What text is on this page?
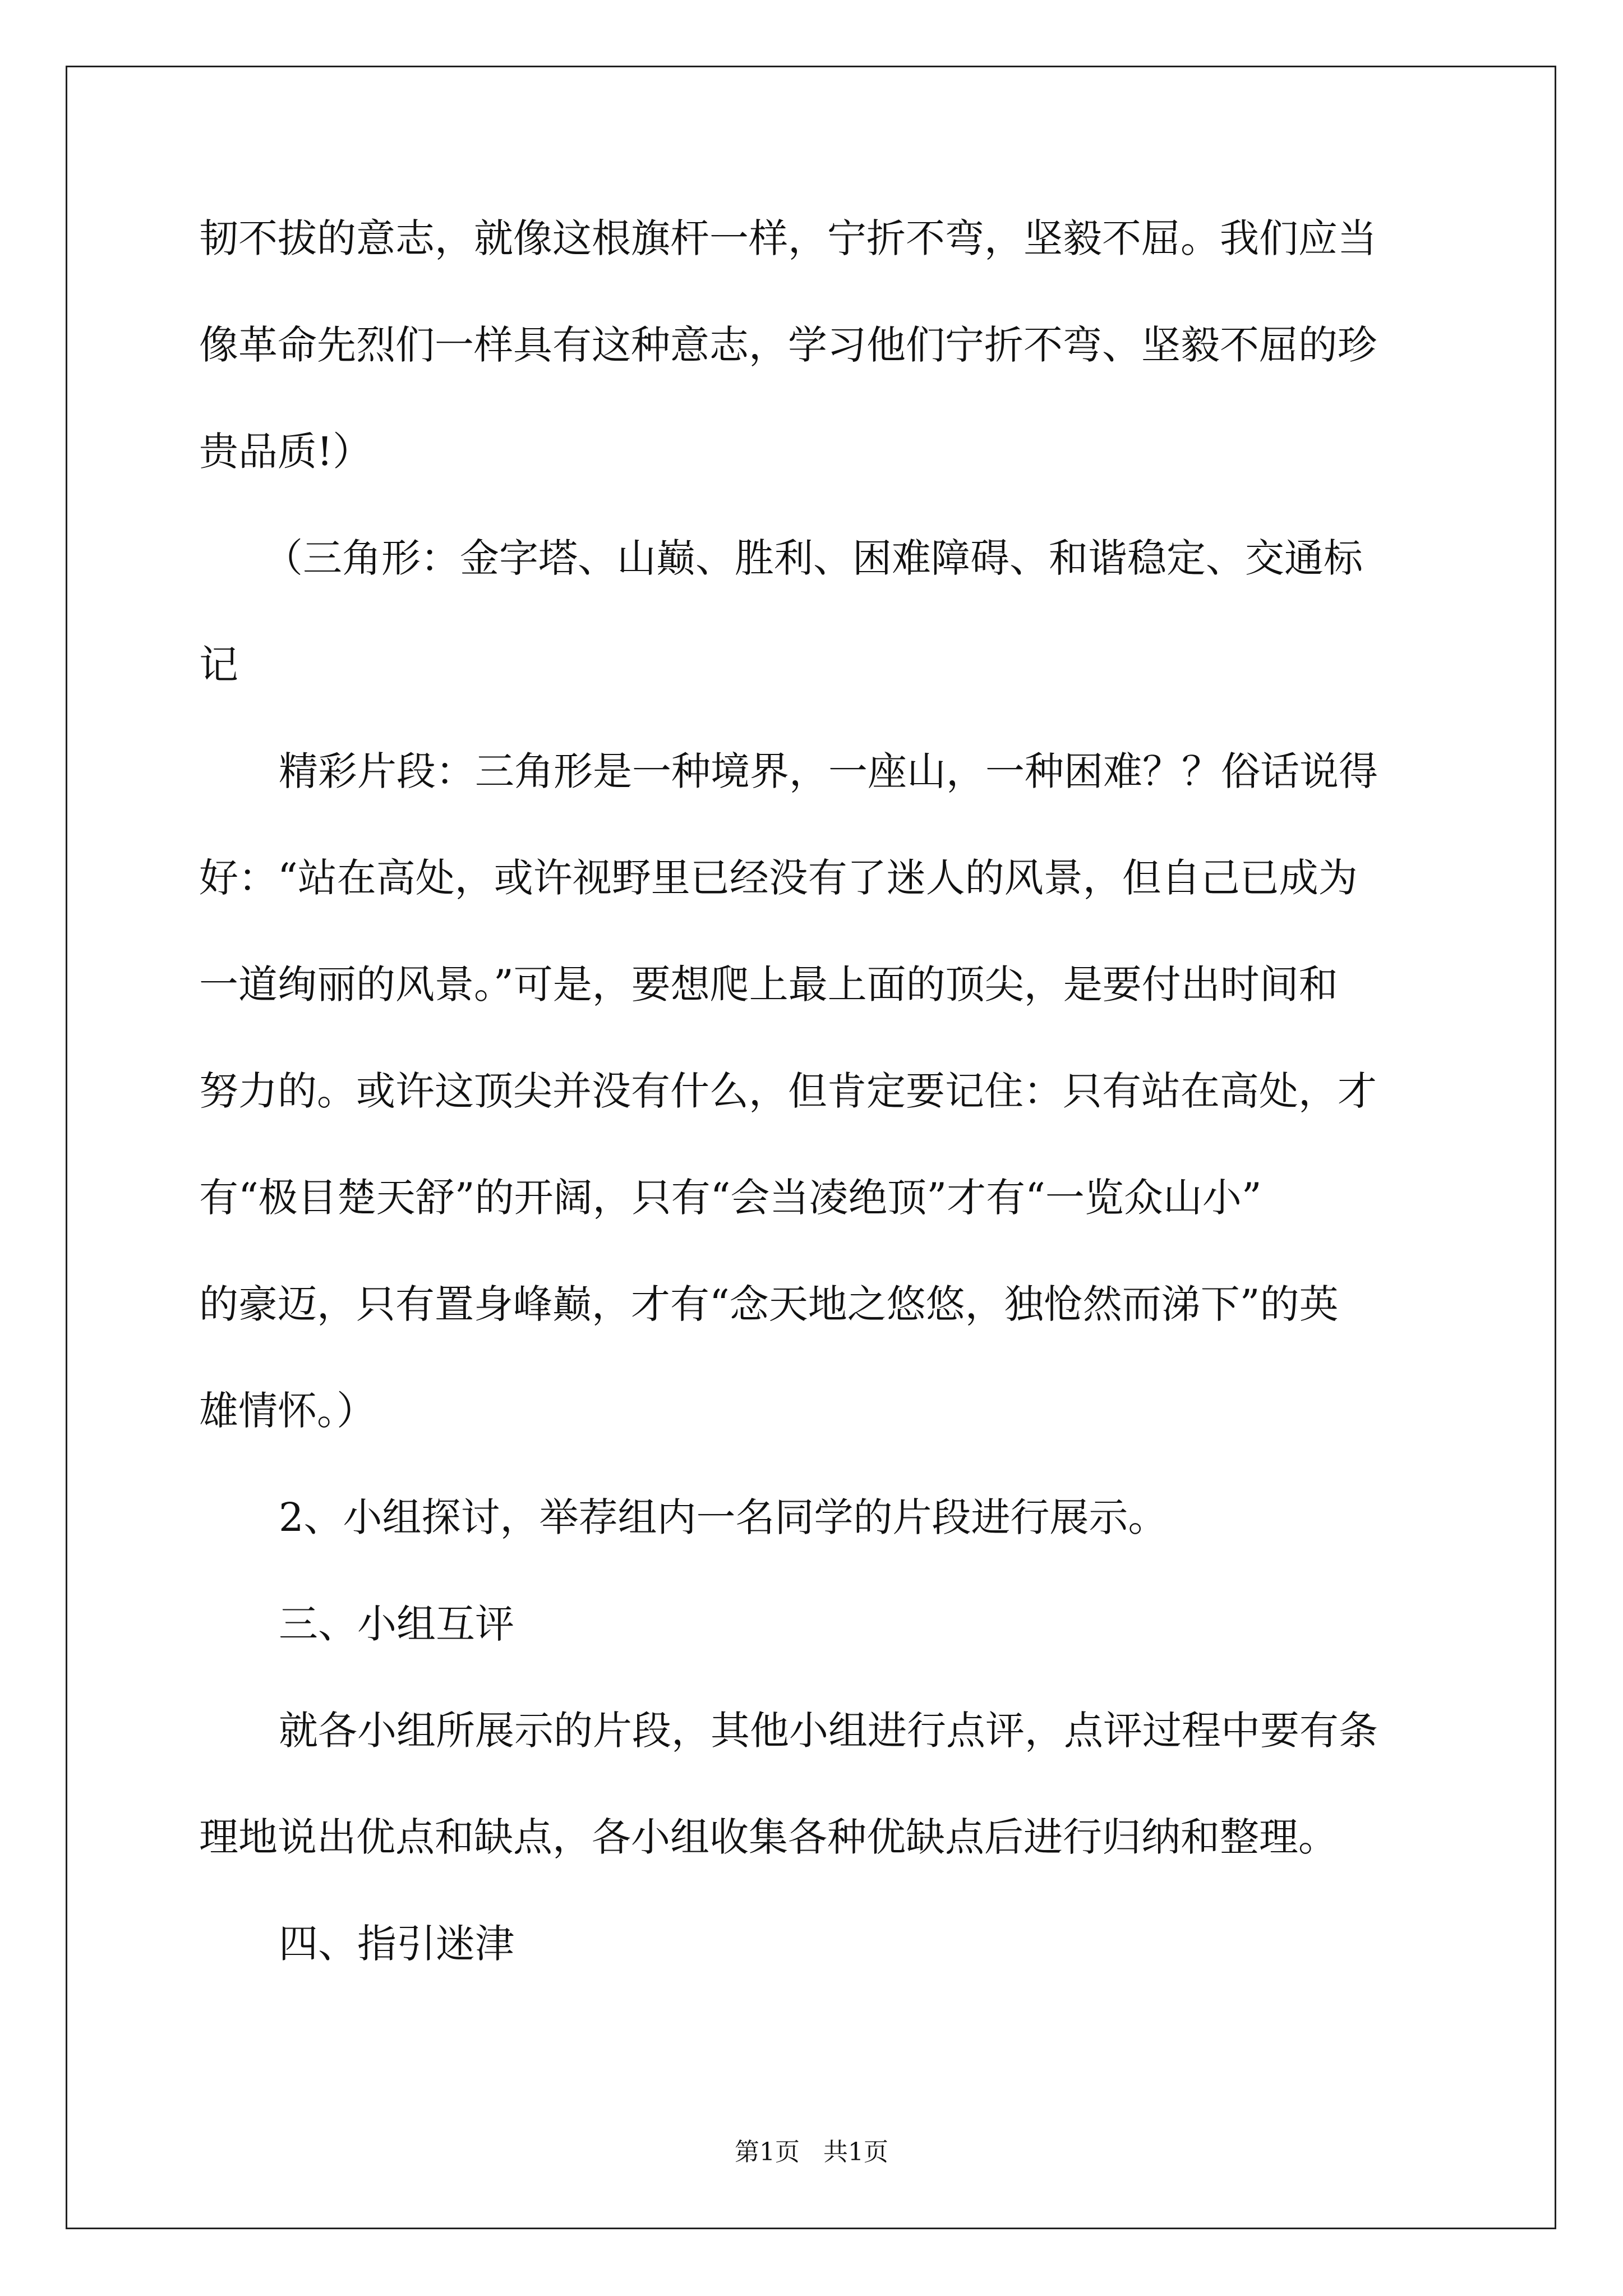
韧不拔的意志，就像这根旗杆一样，宁折不弯，坚毅不屈。我们应当
像革命先烈们一样具有这种意志，学习他们宁折不弯、坚毅不屈的珍
贵品质!）
（三角形：金字塔、山巅、胜利、困难障碍、和谐稳定、交通标
记
精彩片段：三角形是一种境界，一座山，一种困难？？俗话说得
好：“站在高处，或许视野里已经没有了迷人的风景，但自己已成为
一道绚丽的风景。”可是，要想爬上最上面的顶尖，是要付出时间和
努力的。或许这顶尖并没有什么，但肯定要记住：只有站在高处，才
有“极目楚天舒”的开阔，只有“会当凌绝顶”才有“一览众山小”
的豪迈，只有置身峰巅，才有“念天地之悠悠，独怆然而涕下”的英
雄情怀。）
2、小组探讨，举荐组内一名同学的片段进行展示。
三、小组互评
就各小组所展示的片段，其他小组进行点评，点评过程中要有条
理地说出优点和缺点，各小组收集各种优缺点后进行归纳和整理。
四、指引迷津
第1页 共1页
